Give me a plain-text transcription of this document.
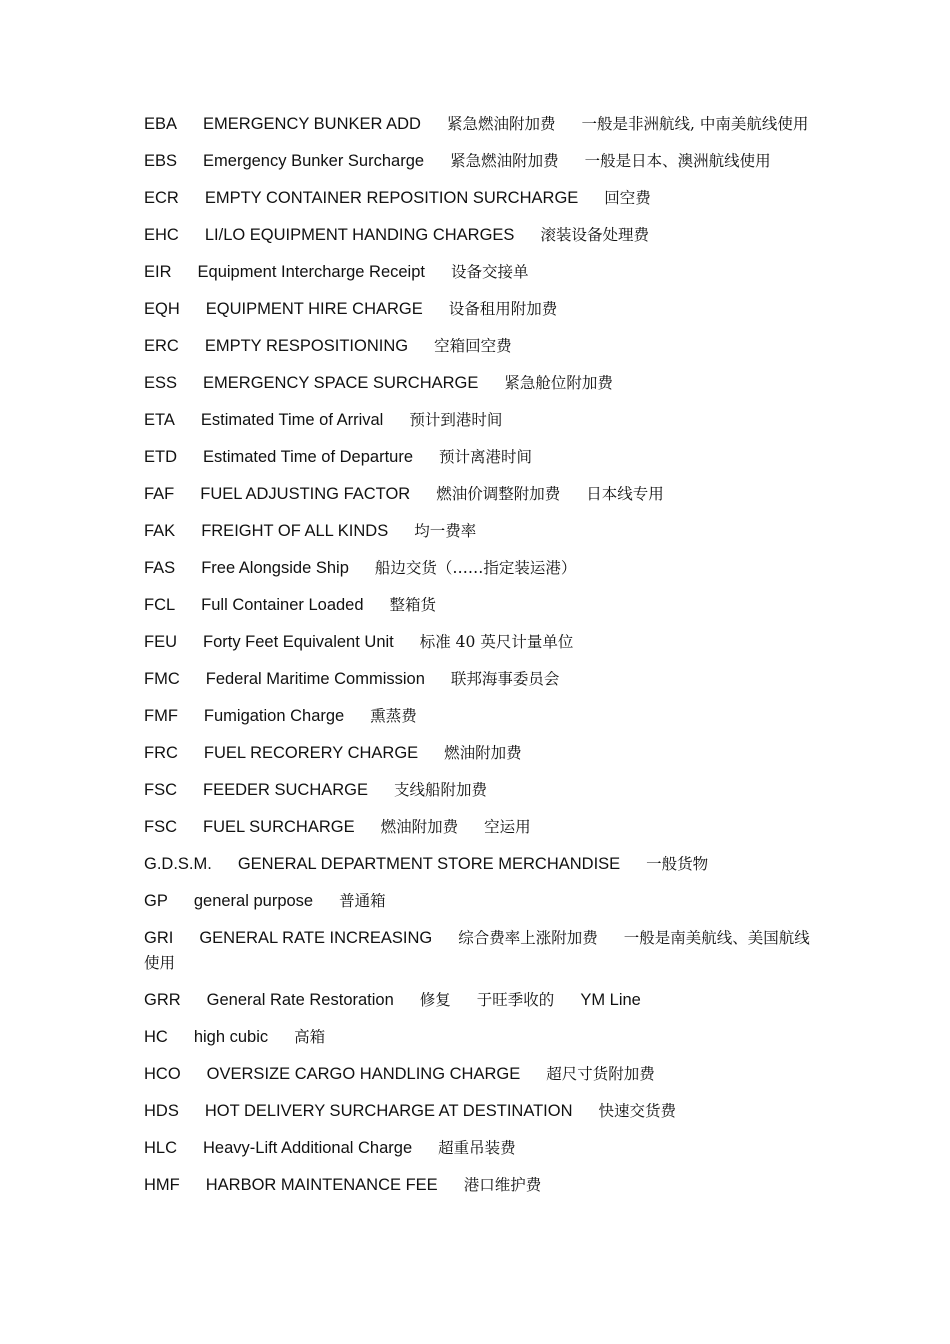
EBA EMERGENCY BUNKER ADD 紧急燃油附加费 一般是非洲航线, 中南美航线使用
EBS Emergency Bunker Surcharge 紧急燃油附加费 一般是日本、澳洲航线使用
ECR EMPTY CONTAINER REPOSITION SURCHARGE 回空费
EHC LI/LO EQUIPMENT HANDING CHARGES 滚装设备处理费
EIR Equipment Intercharge Receipt 设备交接单
EQH EQUIPMENT HIRE CHARGE 设备租用附加费
ERC EMPTY RESPOSITIONING 空箱回空费
ESS EMERGENCY SPACE SURCHARGE 紧急舱位附加费
ETA Estimated Time of Arrival 预计到港时间
ETD Estimated Time of Departure 预计离港时间
FAF FUEL ADJUSTING FACTOR 燃油价调整附加费 日本线专用
FAK FREIGHT OF ALL KINDS 均一费率
FAS Free Alongside Ship 船边交货（……指定装运港）
FCL Full Container Loaded 整箱货
FEU Forty Feet Equivalent Unit 标准 40 英尺计量单位
FMC Federal Maritime Commission 联邦海事委员会
FMF Fumigation Charge 熏蒸费
FRC FUEL RECORERY CHARGE 燃油附加费
FSC FEEDER SUCHARGE 支线船附加费
FSC FUEL SURCHARGE 燃油附加费 空运用
G.D.S.M. GENERAL DEPARTMENT STORE MERCHANDISE 一般货物
GP general purpose 普通箱
GRI GENERAL RATE INCREASING 综合费率上涨附加费 一般是南美航线、美国航线使用
GRR General Rate Restoration 修复 于旺季收的 YM Line
HC high cubic 高箱
HCO OVERSIZE CARGO HANDLING CHARGE 超尺寸货附加费
HDS HOT DELIVERY SURCHARGE AT DESTINATION 快速交货费
HLC Heavy-Lift Additional Charge 超重吊装费
HMF HARBOR MAINTENANCE FEE 港口维护费
